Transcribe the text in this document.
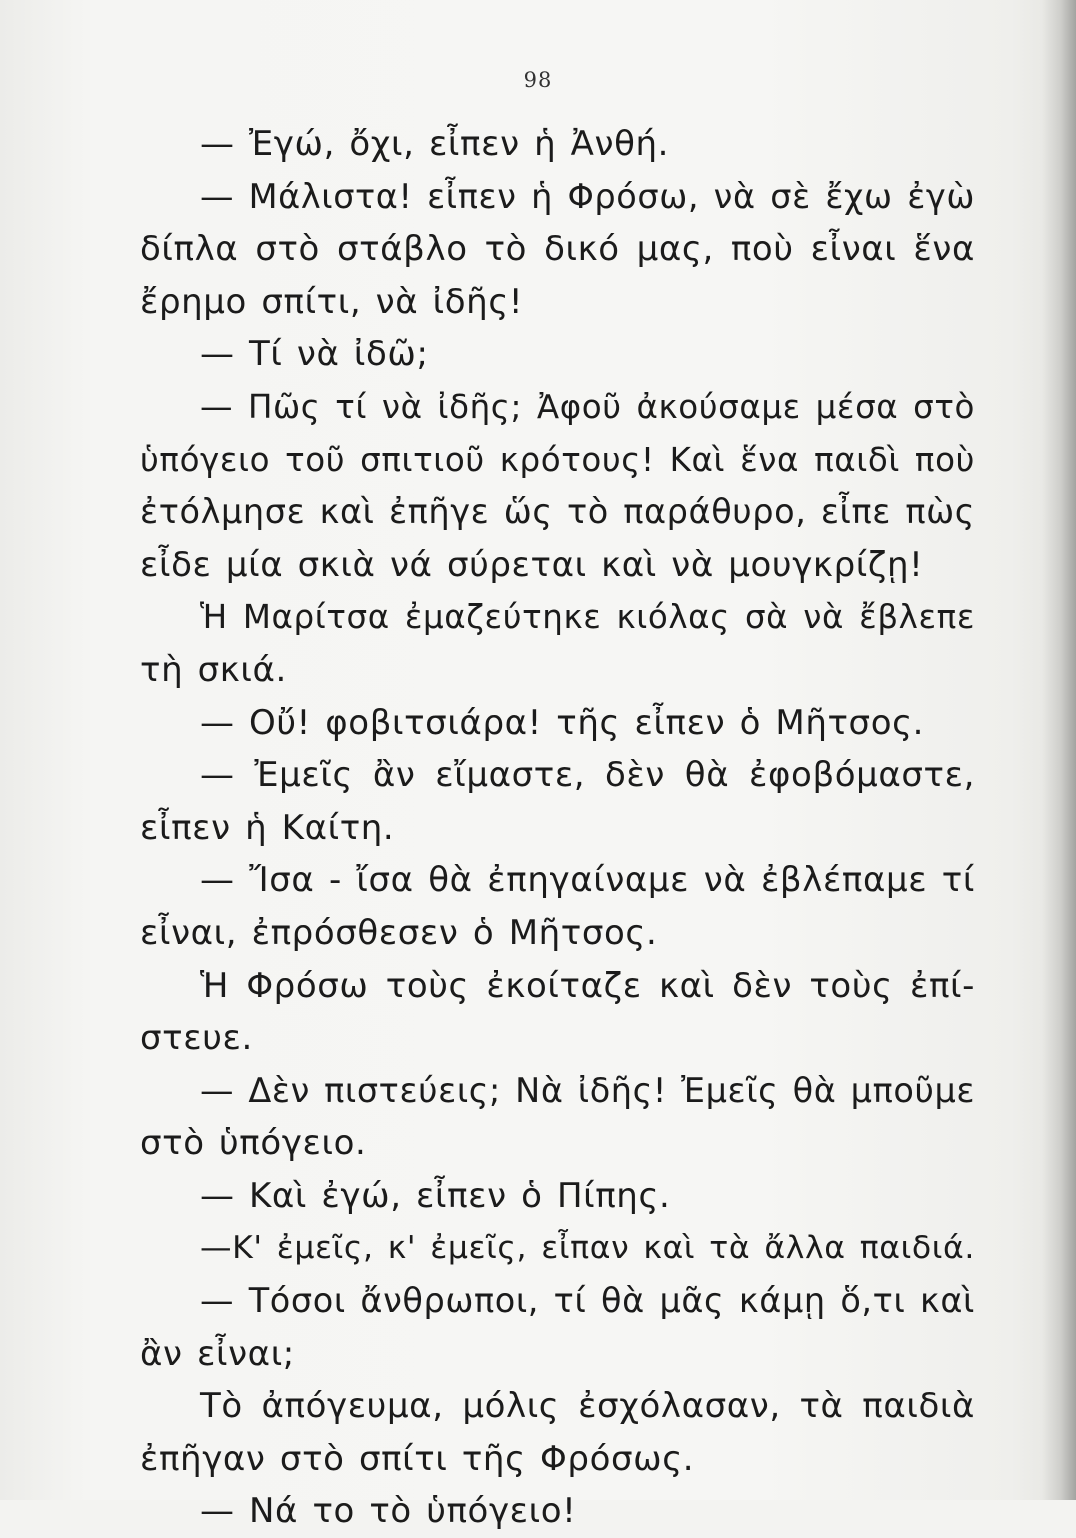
98
— Ἐγώ, ὄχι, εἶπεν ἡ Ἀνθή.
— Μάλιστα! εἶπεν ἡ Φρόσω, νὰ σὲ ἔχω ἐγὼ
δίπλα στὸ στάβλο τὸ δικό μας, ποὺ εἶναι ἕνα
ἔρημο σπίτι, νὰ ἰδῆς!
— Τί νὰ ἰδῶ;
— Πῶς τί νὰ ἰδῆς; Ἀφοῦ ἀκούσαμε μέσα στὸ
ὑπόγειο τοῦ σπιτιοῦ κρότους! Καὶ ἕνα παιδὶ ποὺ
ἐτόλμησε καὶ ἐπῆγε ὥς τὸ παράθυρο, εἶπε πὼς
εἶδε μία σκιὰ νά σύρεται καὶ νὰ μουγκρίζῃ!
Ἡ Μαρίτσα ἐμαζεύτηκε κιόλας σὰ νὰ ἔβλεπε
τὴ σκιά.
— Οὔ! φοβιτσιάρα! τῆς εἶπεν ὁ Μῆτσος.
— Ἐμεῖς ἂν εἴμαστε, δὲν θὰ ἐφοβόμαστε,
εἶπεν ἡ Καίτη.
— Ἴσα - ἴσα θὰ ἐπηγαίναμε νὰ ἐβλέπαμε τί
εἶναι, ἐπρόσθεσεν ὁ Μῆτσος.
Ἡ Φρόσω τοὺς ἐκοίταζε καὶ δὲν τοὺς ἐπί-
στευε.
— Δὲν πιστεύεις; Νὰ ἰδῆς! Ἐμεῖς θὰ μποῦμε
στὸ ὑπόγειο.
— Καὶ ἐγώ, εἶπεν ὁ Πίπης.
—Κ' ἐμεῖς, κ' ἐμεῖς, εἶπαν καὶ τὰ ἄλλα παιδιά.
— Τόσοι ἄνθρωποι, τί θὰ μᾶς κάμῃ ὅ,τι καὶ
ἂν εἶναι;
Τὸ ἀπόγευμα, μόλις ἐσχόλασαν, τὰ παιδιὰ
ἐπῆγαν στὸ σπίτι τῆς Φρόσως.
— Νά το τὸ ὑπόγειο!
